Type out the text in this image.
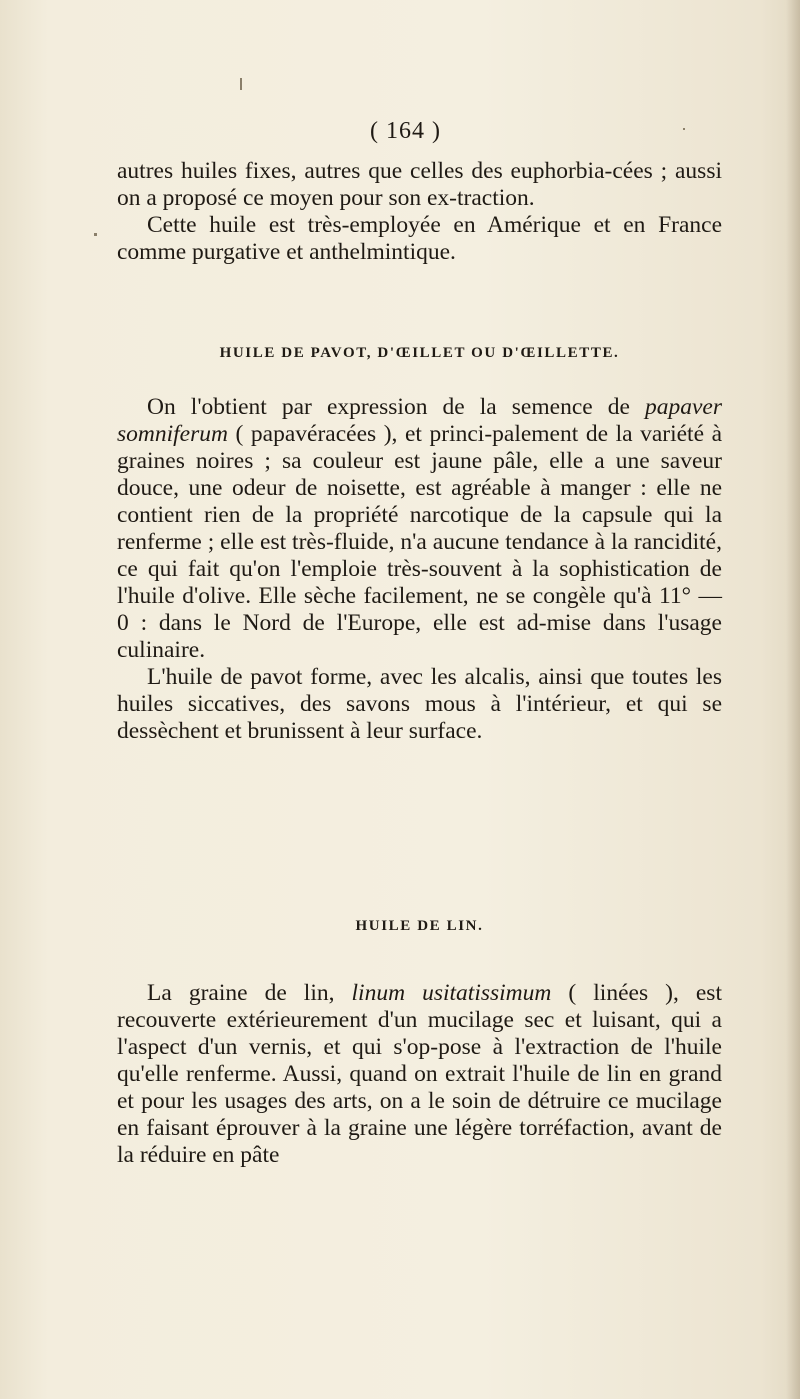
( 164 )

autres huiles fixes, autres que celles des euphorbia-cées ; aussi on a proposé ce moyen pour son ex-traction.

Cette huile est très-employée en Amérique et en France comme purgative et anthelmintique.

HUILE DE PAVOT, D'ŒILLET OU D'ŒILLETTE.

On l'obtient par expression de la semence de papaver somniferum ( papavéracées ), et princi-palement de la variété à graines noires ; sa couleur est jaune pâle, elle a une saveur douce, une odeur de noisette, est agréable à manger : elle ne contient rien de la propriété narcotique de la capsule qui la renferme ; elle est très-fluide, n'a aucune tendance à la rancidité, ce qui fait qu'on l'emploie très-souvent à la sophistication de l'huile d'olive. Elle sèche facilement, ne se congèle qu'à 11° — 0 : dans le Nord de l'Europe, elle est ad-mise dans l'usage culinaire.

L'huile de pavot forme, avec les alcalis, ainsi que toutes les huiles siccatives, des savons mous à l'intérieur, et qui se dessèchent et brunissent à leur surface.

HUILE DE LIN.

La graine de lin, linum usitatissimum ( linées ), est recouverte extérieurement d'un mucilage sec et luisant, qui a l'aspect d'un vernis, et qui s'op-pose à l'extraction de l'huile qu'elle renferme. Aussi, quand on extrait l'huile de lin en grand et pour les usages des arts, on a le soin de détruire ce mucilage en faisant éprouver à la graine une légère torréfaction, avant de la réduire en pâte
